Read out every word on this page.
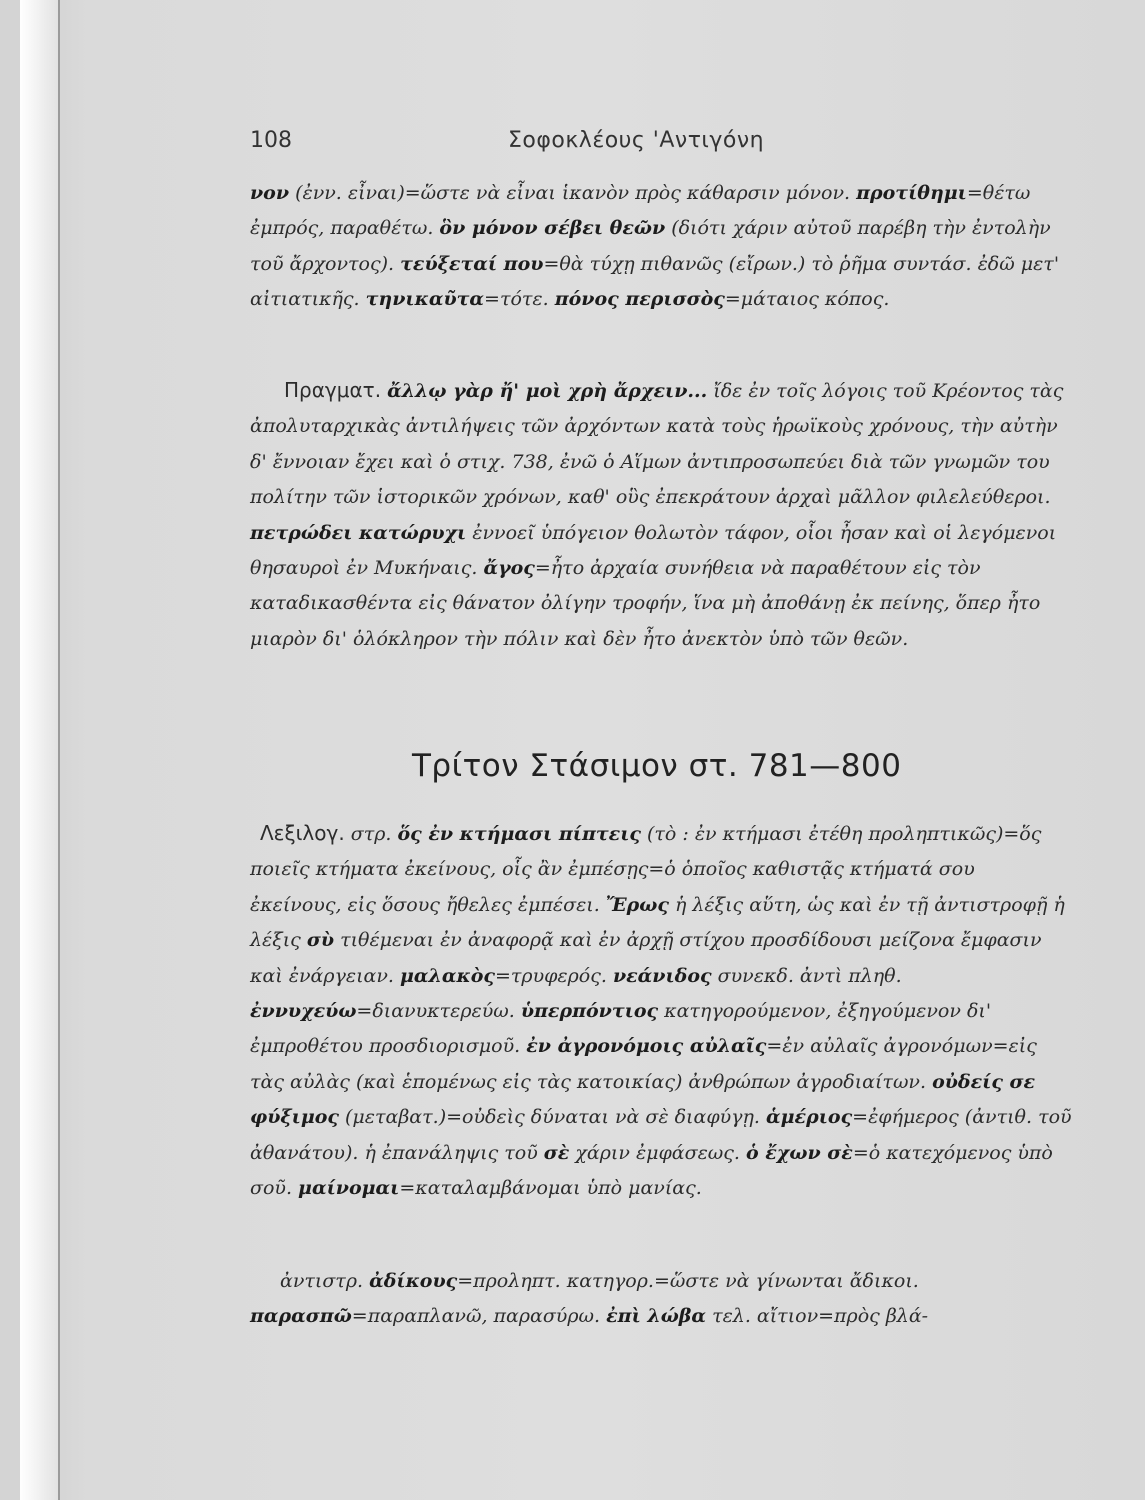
108	Σοφοκλέους 'Αντιγόνη

νον (ἐνν. εἶναι)=ὥστε νὰ εἶναι ἱκανὸν πρὸς κάθαρσιν μόνον. προτίθημι=θέτω ἐμπρός, παραθέτω. ὃν μόνον σέβει θεῶν (διότι χάριν αὐτοῦ παρέβη τὴν ἐντολὴν τοῦ ἄρχοντος). τεύξεταί που=θὰ τύχῃ πιθανῶς (εἴρων.) τὸ ῥῆμα συντάσ. ἐδῶ μετ' αἰτιατικῆς. τηνικαῦτα=τότε. πόνος περισσὸς=μάταιος κόπος.

Πραγματ. ἄλλῳ γὰρ ἤ' μοὶ χρὴ ἄρχειν... ἴδε ἐν τοῖς λόγοις τοῦ Κρέοντος τὰς ἀπολυταρχικὰς ἀντιλήψεις τῶν ἀρχόντων κατὰ τοὺς ἡρωϊκοὺς χρόνους, τὴν αὐτὴν δ' ἔννοιαν ἔχει καὶ ὁ στιχ. 738, ἐνῶ ὁ Αἵμων ἀντιπροσωπεύει διὰ τῶν γνωμῶν του πολίτην τῶν ἱστορικῶν χρόνων, καθ' οὓς ἐπεκράτουν ἀρχαὶ μᾶλλον φιλελεύθεροι. πετρώδει κατώρυχι ἐννοεῖ ὑπόγειον θολωτὸν τάφον, οἷοι ἦσαν καὶ οἱ λεγόμενοι θησαυροὶ ἐν Μυκήναις. ἄγος=ἦτο ἀρχαία συνήθεια νὰ παραθέτουν εἰς τὸν καταδικασθέντα εἰς θάνατον ὀλίγην τροφήν, ἵνα μὴ ἀποθάνῃ ἐκ πείνης, ὅπερ ἦτο μιαρὸν δι' ὁλόκληρον τὴν πόλιν καὶ δὲν ἦτο ἀνεκτὸν ὑπὸ τῶν θεῶν.

Τρίτον Στάσιμον στ. 781—800

Λεξιλογ. στρ. ὅς ἐν κτήμασι πίπτεις (τὸ : ἐν κτήμασι ἐτέθη προληπτικῶς)=ὅς ποιεῖς κτήματα ἐκείνους, οἷς ἂν ἐμπέσῃς=ὁ ὁποῖος καθιστᾷς κτήματά σου ἐκείνους, εἰς ὅσους ἤθελες ἐμπέσει. Ἔρως ἡ λέξις αὕτη, ὡς καὶ ἐν τῇ ἀντιστροφῇ ἡ λέξις σὺ τιθέμεναι ἐν ἀναφορᾷ καὶ ἐν ἀρχῇ στίχου προσδίδουσι μείζονα ἔμφασιν καὶ ἐνάργειαν. μαλακὸς=τρυφερός. νεάνιδος συνεκδ. ἀντὶ πληθ. ἐννυχεύω=διανυκτερεύω. ὑπερπόντιος κατηγορούμενον, ἐξηγούμενον δι' ἐμπροθέτου προσδιορισμοῦ. ἐν ἀγρονόμοις αὐλαῖς=ἐν αὐλαῖς ἀγρονόμων=εἰς τὰς αὐλὰς (καὶ ἑπομένως εἰς τὰς κατοικίας) ἀνθρώπων ἀγροδιαίτων. οὐδείς σε φύξιμος (μεταβατ.)=οὐδεὶς δύναται νὰ σὲ διαφύγῃ. ἁμέριος=ἐφήμερος (ἀντιθ. τοῦ ἀθανάτου). ἡ ἐπανάληψις τοῦ σὲ χάριν ἐμφάσεως. ὁ ἔχων σὲ=ὁ κατεχόμενος ὑπὸ σοῦ. μαίνομαι=καταλαμβάνομαι ὑπὸ μανίας.

ἀντιστρ. ἀδίκους=προληπτ. κατηγορ.=ὥστε νὰ γίνωνται ἄδικοι. παρασπῶ=παραπλανῶ, παρασύρω. ἐπὶ λώβα τελ. αἴτιον=πρὸς βλά-
